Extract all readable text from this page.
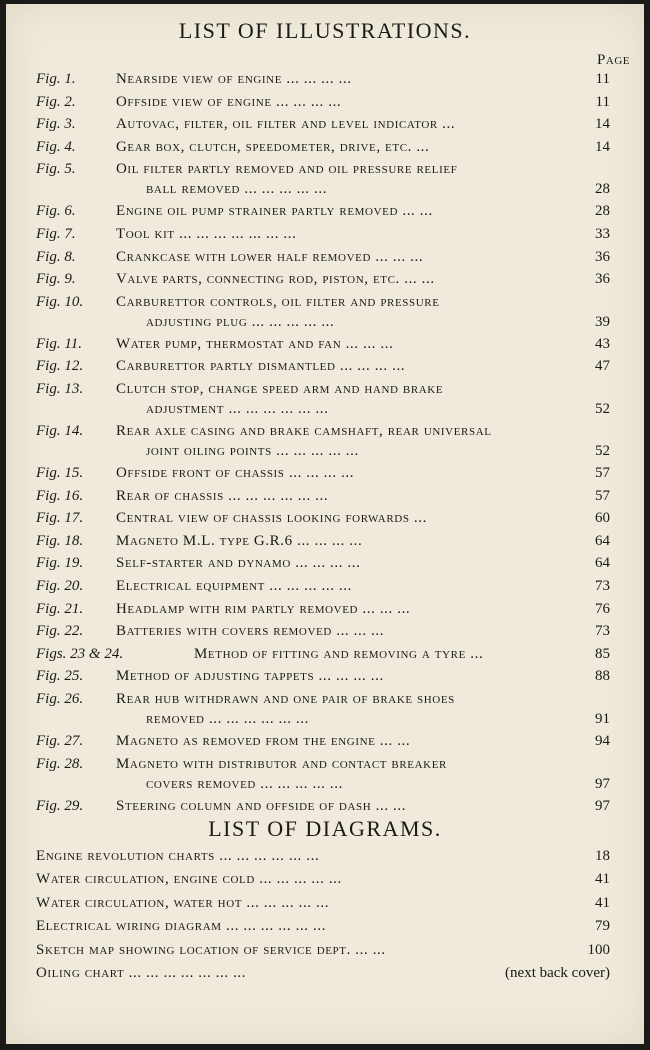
LIST OF ILLUSTRATIONS.
Page
Fig. 1.	Nearside view of engine ... ... ... ...	11
Fig. 2.	Offside view of engine ... ... ... ...	11
Fig. 3.	Autovac, filter, oil filter and level indicator ...	14
Fig. 4.	Gear box, clutch, speedometer, drive, etc. ...	14
Fig. 5.	Oil filter partly removed and oil pressure relief
ball removed ... ... ... ... ...	28
Fig. 6.	Engine oil pump strainer partly removed ... ...	28
Fig. 7.	Tool kit ... ... ... ... ... ... ...	33
Fig. 8.	Crankcase with lower half removed ... ... ...	36
Fig. 9.	Valve parts, connecting rod, piston, etc. ... ...	36
Fig. 10.	Carburettor controls, oil filter and pressure
adjusting plug ... ... ... ... ...	39
Fig. 11.	Water pump, thermostat and fan ... ... ...	43
Fig. 12.	Carburettor partly dismantled ... ... ... ...	47
Fig. 13.	Clutch stop, change speed arm and hand brake
adjustment ... ... ... ... ... ...	52
Fig. 14.	Rear axle casing and brake camshaft, rear universal
joint oiling points ... ... ... ... ...	52
Fig. 15.	Offside front of chassis ... ... ... ...	57
Fig. 16.	Rear of chassis ... ... ... ... ... ...	57
Fig. 17.	Central view of chassis looking forwards ...	60
Fig. 18.	Magneto M.L. type G.R.6 ... ... ... ...	64
Fig. 19.	Self-starter and dynamo ... ... ... ...	64
Fig. 20.	Electrical equipment ... ... ... ... ...	73
Fig. 21.	Headlamp with rim partly removed ... ... ...	76
Fig. 22.	Batteries with covers removed ... ... ...	73
Figs. 23 & 24.	Method of fitting and removing a tyre ...	85
Fig. 25.	Method of adjusting tappets ... ... ... ...	88
Fig. 26.	Rear hub withdrawn and one pair of brake shoes
removed ... ... ... ... ... ...	91
Fig. 27.	Magneto as removed from the engine ... ...	94
Fig. 28.	Magneto with distributor and contact breaker
covers removed ... ... ... ... ...	97
Fig. 29.	Steering column and offside of dash ... ...	97
LIST OF DIAGRAMS.
Engine revolution charts ... ... ... ... ... ...	18
Water circulation, engine cold ... ... ... ... ...	41
Water circulation, water hot ... ... ... ... ...	41
Electrical wiring diagram ... ... ... ... ... ...	79
Sketch map showing location of service dept. ... ...	100
Oiling chart ... ... ... ... ... ... ...	(next back cover)
